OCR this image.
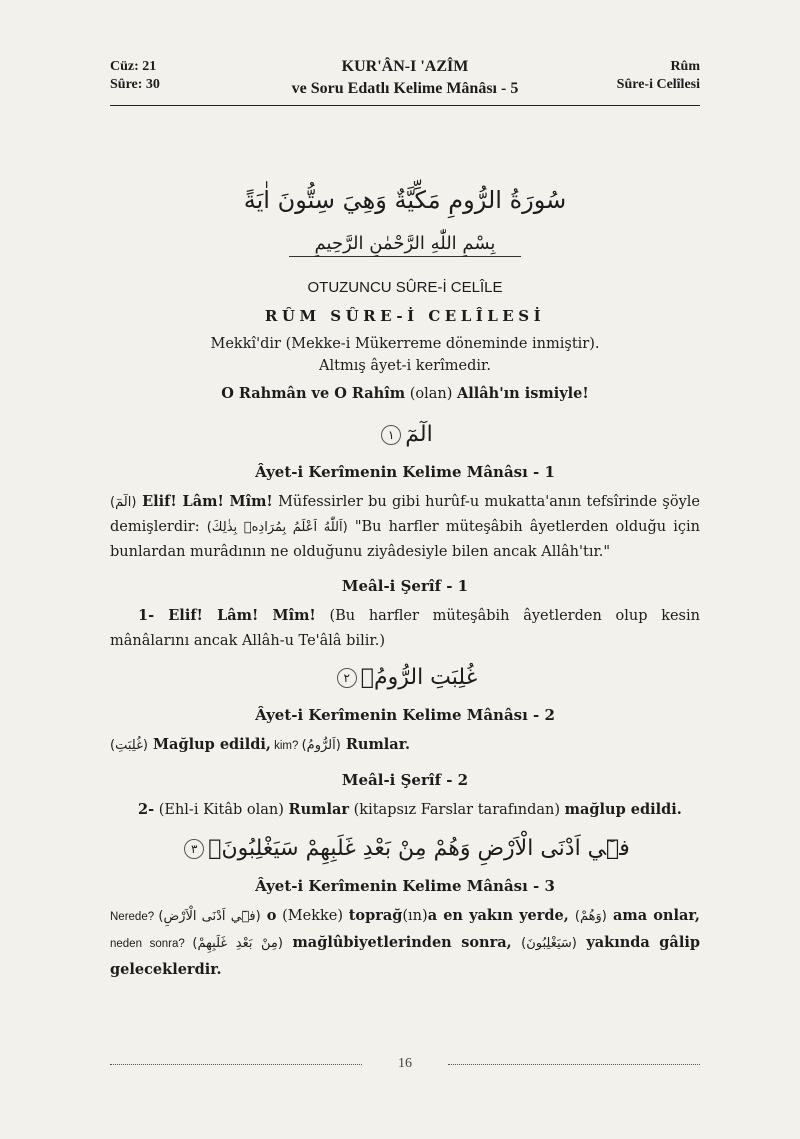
Cüz: 21
Sûre: 30
KUR'ÂN-I 'AZÎM
ve Soru Edatlı Kelime Mânâsı - 5
Rûm
Sûre-i Celîlesi
سُورَةُ الرُّومِ مَكِّيَّةٌ وَهِيَ سِتُّونَ اٰيَةً
بِسْمِ اللّٰهِ الرَّحْمٰنِ الرَّحِيمِ
OTUZUNCU SÛRE-İ CELÎLE
RÛM SÛRE-İ CELÎLESİ
Mekkî'dir (Mekke-i Mükerreme döneminde inmiştir).
Altmış âyet-i kerîmedir.
O Rahmân ve O Rahîm (olan) Allâh'ın ismiyle!
الٓمٓ١
Âyet-i Kerîmenin Kelime Mânâsı - 1
(الٓمٓ) Elif! Lâm! Mîm! Müfessirler bu gibi hurûf-u mukatta'anın tefsîrinde şöyle demişlerdir: (اَللّٰهُ اَعْلَمُ بِمُرَادِهٖ بِذٰلِكَ) "Bu harfler müteşâbih âyetlerden olduğu için bunlardan murâdının ne olduğunu ziyâdesiyle bilen ancak Allâh'tır."
Meâl-i Şerîf - 1
1- Elif! Lâm! Mîm! (Bu harfler müteşâbih âyetlerden olup kesin mânâlarını ancak Allâh-u Te'âlâ bilir.)
غُلِبَتِ الرُّومُۙ٢
Âyet-i Kerîmenin Kelime Mânâsı - 2
(غُلِبَتِ) Mağlup edildi, kim? (اَلرُّومُ) Rumlar.
Meâl-i Şerîf - 2
2- (Ehl-i Kitâb olan) Rumlar (kitapsız Farslar tarafından) mağlup edildi.
فٖٓي اَدْنَى الْاَرْضِ وَهُمْ مِنْ بَعْدِ غَلَبِهِمْ سَيَغْلِبُونَۙ٣
Âyet-i Kerîmenin Kelime Mânâsı - 3
Nerede? (فٖٓي اَدْنَى الْاَرْضِ) o (Mekke) toprağ(ın)a en yakın yerde, (وَهُمْ) ama onlar, neden sonra? (مِنْ بَعْدِ غَلَبِهِمْ) mağlûbiyetlerinden sonra, (سَيَغْلِبُونَ) yakında gâlip geleceklerdir.
16
